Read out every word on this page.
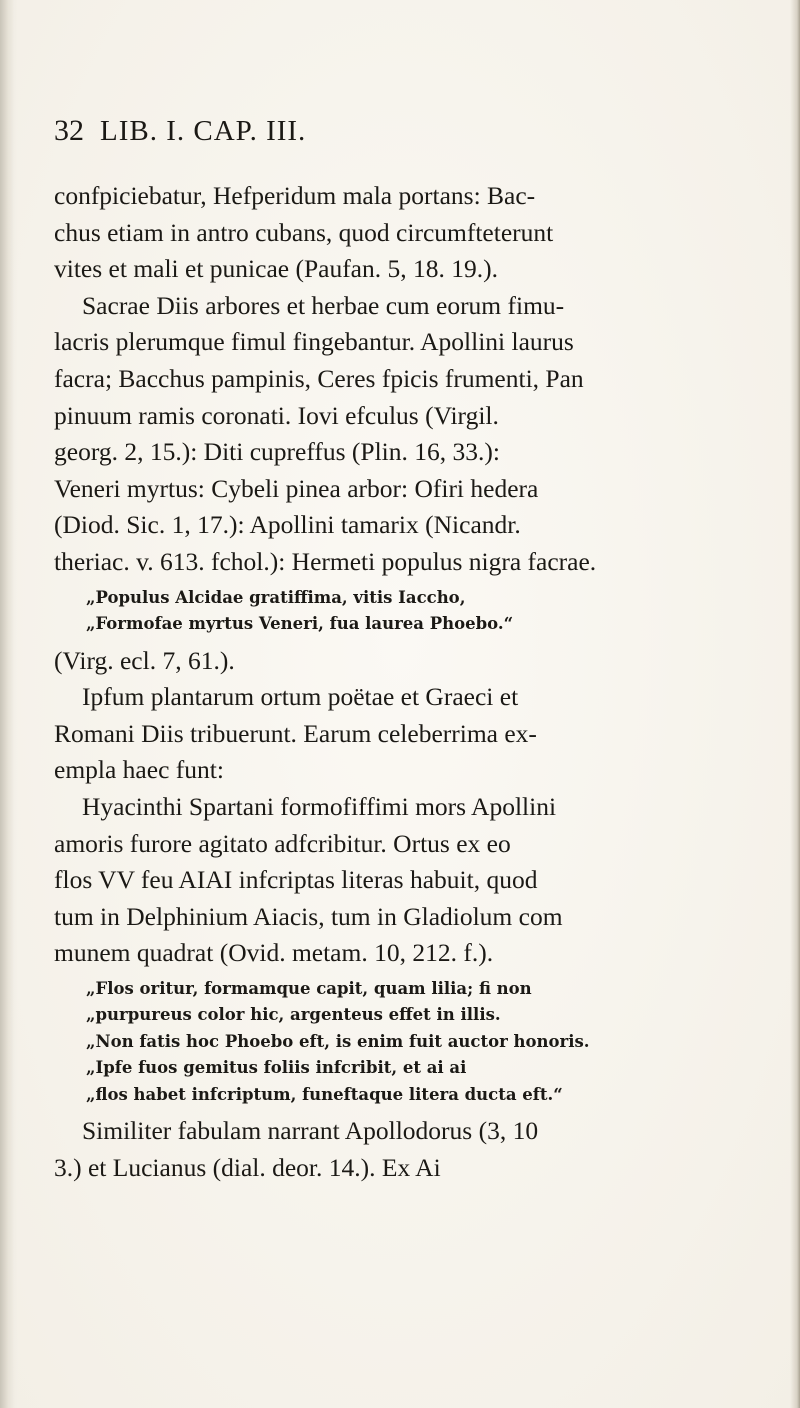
32 LIB. I. CAP. III.
confpiciebatur, Hefperidum mala portans: Bac-
chus etiam in antro cubans, quod circumfteterunt
vites et mali et punicae (Paufan. 5, 18. 19.).
Sacrae Diis arbores et herbae cum eorum fimu-
lacris plerumque fimul fingebantur. Apollini laurus
facra; Bacchus pampinis, Ceres fpicis frumenti, Pan
pinuum ramis coronati. Iovi efculus (Virgil.
georg. 2, 15.): Diti cupreffus (Plin. 16, 33.):
Veneri myrtus: Cybeli pinea arbor: Ofiri hedera
(Diod. Sic. 1, 17.): Apollini tamarix (Nicandr.
theriac. v. 613. fchol.): Hermeti populus nigra facrae.
„Populus Alcidae gratiffima, vitis Iaccho,
„Formofae myrtus Veneri, fua laurea Phoebo.“
(Virg. ecl. 7, 61.).
Ipfum plantarum ortum poëtae et Graeci et
Romani Diis tribuerunt. Earum celeberrima ex-
empla haec funt:
Hyacinthi Spartani formofiffimi mors Apollini
amoris furore agitato adfcribitur. Ortus ex eo
flos VV feu AIAI infcriptas literas habuit, quod
tum in Delphinium Aiacis, tum in Gladiolum com
munem quadrat (Ovid. metam. 10, 212. f.).
„Flos oritur, formamque capit, quam lilia; fi non
„purpureus color hic, argenteus effet in illis.
„Non fatis hoc Phoebo eft, is enim fuit auctor honoris.
„Ipfe fuos gemitus foliis infcribit, et ai ai
„flos habet infcriptum, funeftaque litera ducta eft.“
Similiter fabulam narrant Apollodorus (3, 10
3.) et Lucianus (dial. deor. 14.). Ex Ai
